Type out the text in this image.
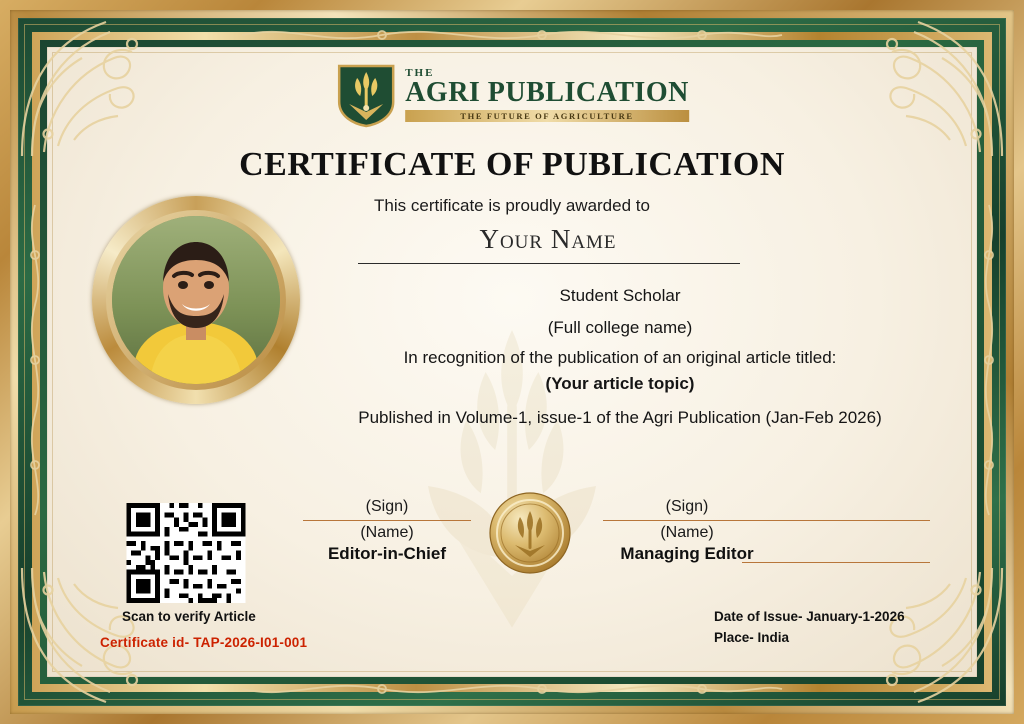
THE
AGRI PUBLICATION
THE FUTURE OF AGRICULTURE
CERTIFICATE OF PUBLICATION
This certificate is proudly awarded to
Your Name
Student Scholar
(Full college name)
In recognition of the publication of an original article titled:
(Your article topic)
Published in Volume-1, issue-1 of the Agri Publication (Jan-Feb 2026)
Scan to verify Article
Certificate id- TAP-2026-I01-001
(Sign)
(Name)
Editor-in-Chief
(Sign)
(Name)
Managing Editor
Date of Issue- January-1-2026
Place- India
